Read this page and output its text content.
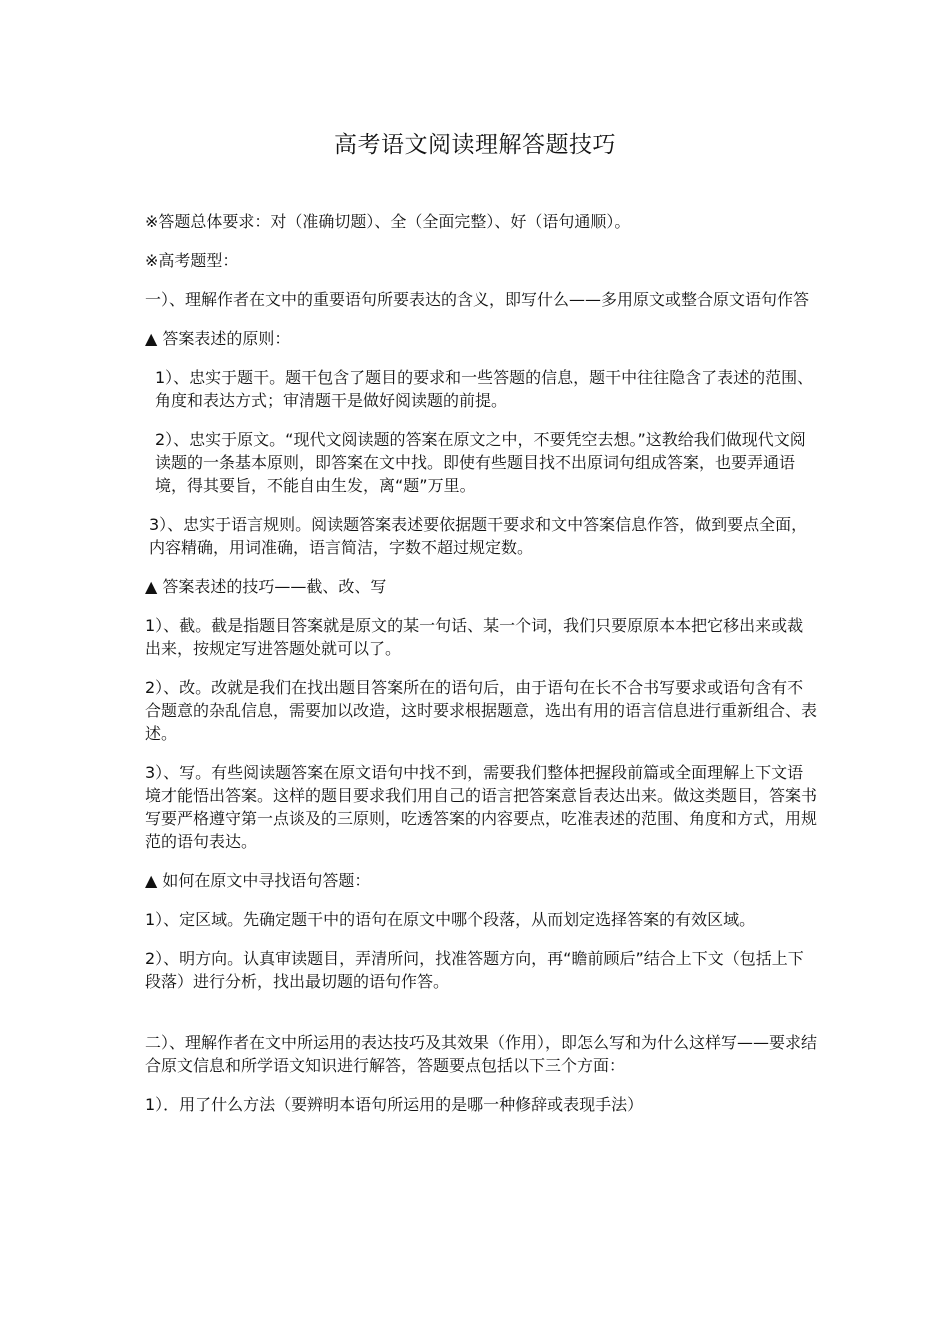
高考语文阅读理解答题技巧

※答题总体要求：对（准确切题）、全（全面完整）、好（语句通顺）。

※高考题型：

一）、理解作者在文中的重要语句所要表达的含义，即写什么——多用原文或整合原文语句作答

▲ 答案表述的原则：

1）、忠实于题干。题干包含了题目的要求和一些答题的信息，题干中往往隐含了表述的范围、角度和表达方式；审清题干是做好阅读题的前提。

2）、忠实于原文。“现代文阅读题的答案在原文之中，不要凭空去想。”这教给我们做现代文阅读题的一条基本原则，即答案在文中找。即使有些题目找不出原词句组成答案，也要弄通语境，得其要旨，不能自由生发，离“题”万里。

3）、忠实于语言规则。阅读题答案表述要依据题干要求和文中答案信息作答，做到要点全面，内容精确，用词准确，语言简洁，字数不超过规定数。

▲ 答案表述的技巧——截、改、写

1）、截。截是指题目答案就是原文的某一句话、某一个词，我们只要原原本本把它移出来或裁出来，按规定写进答题处就可以了。

2）、改。改就是我们在找出题目答案所在的语句后，由于语句在长不合书写要求或语句含有不合题意的杂乱信息，需要加以改造，这时要求根据题意，选出有用的语言信息进行重新组合、表述。

3）、写。有些阅读题答案在原文语句中找不到，需要我们整体把握段前篇或全面理解上下文语境才能悟出答案。这样的题目要求我们用自己的语言把答案意旨表达出来。做这类题目，答案书写要严格遵守第一点谈及的三原则，吃透答案的内容要点，吃准表述的范围、角度和方式，用规范的语句表达。

▲ 如何在原文中寻找语句答题：

1）、定区域。先确定题干中的语句在原文中哪个段落，从而划定选择答案的有效区域。

2）、明方向。认真审读题目，弄清所问，找准答题方向，再“瞻前顾后”结合上下文（包括上下段落）进行分析，找出最切题的语句作答。

二）、理解作者在文中所运用的表达技巧及其效果（作用），即怎么写和为什么这样写——要求结合原文信息和所学语文知识进行解答，答题要点包括以下三个方面：

1）．用了什么方法（要辨明本语句所运用的是哪一种修辞或表现手法）
